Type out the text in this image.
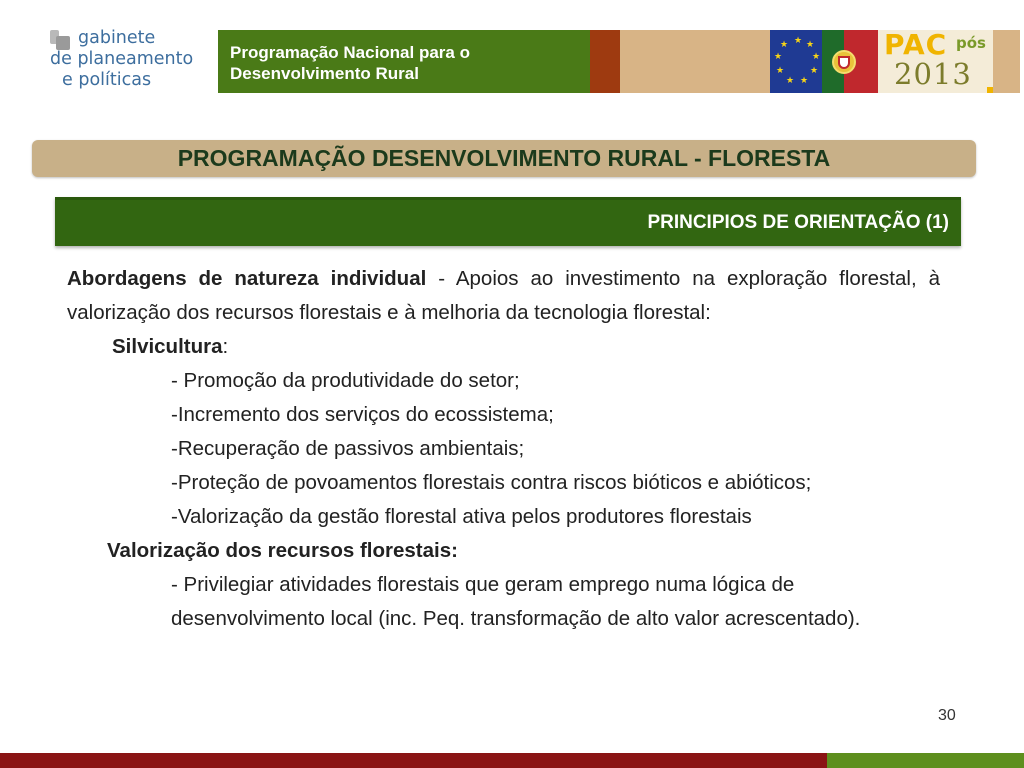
gabinete
de planeamento
e políticas
Programação Nacional para o
Desenvolvimento Rural
★ ★
★
★
★
★
★
★
★	PAC pós
2013
PROGRAMAÇÃO DESENVOLVIMENTO RURAL - FLORESTA
PRINCIPIOS DE ORIENTAÇÃO (1)

Abordagens de natureza individual - Apoios ao investimento na exploração florestal, à valorização dos recursos florestais e à melhoria da tecnologia florestal:

Silvicultura:

- Promoção da produtividade do setor;

-Incremento dos serviços do ecossistema;

-Recuperação de passivos ambientais;

-Proteção de povoamentos florestais contra riscos bióticos e abióticos;

-Valorização da gestão florestal ativa pelos produtores florestais

Valorização dos recursos florestais:

- Privilegiar atividades florestais que geram emprego numa lógica de desenvolvimento local (inc. Peq. transformação de alto valor acrescentado).

30
